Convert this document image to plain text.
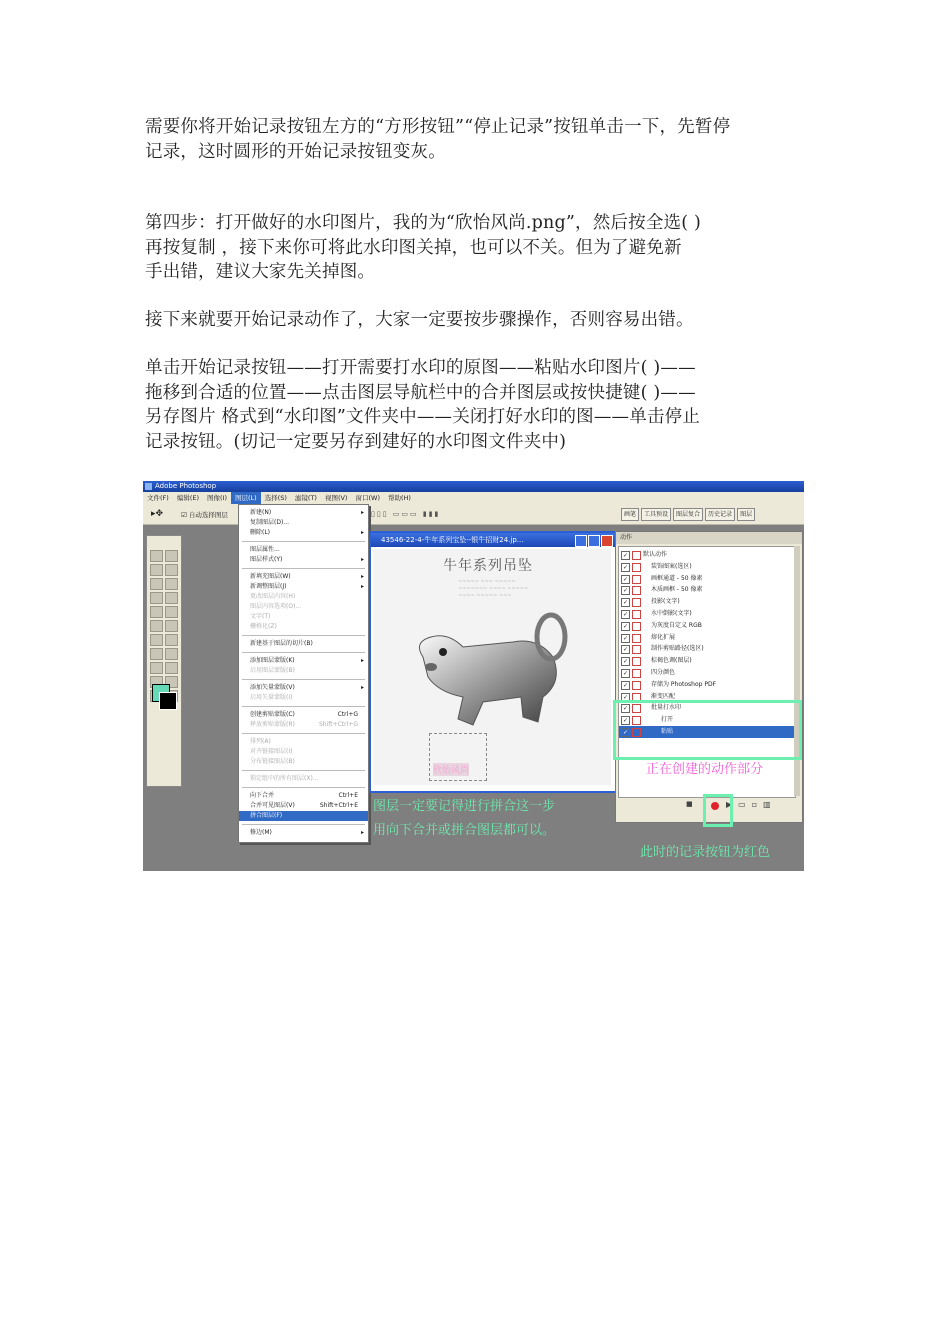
需要你将开始记录按钮左方的“方形按钮”“停止记录”按钮单击一下，先暂停
记录，这时圆形的开始记录按钮变灰。
第四步：打开做好的水印图片，我的为“欣怡风尚.png”，然后按全选( )
再按复制 ，接下来你可将此水印图关掉，也可以不关。但为了避免新
手出错，建议大家先关掉图。
接下来就要开始记录动作了，大家一定要按步骤操作，否则容易出错。
单击开始记录按钮——打开需要打水印的原图——粘贴水印图片( )——
拖移到合适的位置——点击图层导航栏中的合并图层或按快捷键( )——
另存图片 格式到“水印图”文件夹中——关闭打好水印的图——单击停止
记录按钮。(切记一定要另存到建好的水印图文件夹中)
Adobe Photoshop
文件(F) 编辑(E) 图像(I) 图层(L) 选择(S) 滤镜(T) 视图(V) 窗口(W) 帮助(H)
▸✥	☑ 自动选择图层	▯▯▯ ▭▭▭ ▮▮▮	画笔	工具预设	图层复合	历史记录	图层
新建(N)	▸
复制图层(D)...
删除(L)	▸
图层属性...
图层样式(Y)	▸
新填充图层(W)	▸
新调整图层(J)	▸
更改图层内容(H)
图层内容选项(O)...
文字(T)
栅格化(Z)
新建基于图层的切片(B)
添加图层蒙版(K)	▸
启用图层蒙版(B)
添加矢量蒙版(V)	▸
启用矢量蒙版(I)
创建剪贴蒙版(C)	Ctrl+G
释放剪贴蒙版(R)	Shift+Ctrl+G
排列(A)
对齐链接图层(I)
分布链接图层(B)
锁定组中的所有图层(X)...
向下合并	Ctrl+E
合并可见图层(V)	Shift+Ctrl+E
拼合图层(F)
修边(M)	▸
43546-22-4-牛年系列宝坠--银牛招财24.jp...
牛年系列吊坠
~~~~~ ~~~ ~~~~~
~~~~~~~ ~~~~ ~~~~~
~~~~ ~~~~~ ~~~
欣怡风尚
动作
✓	默认动作
✓	装饰图案(选区)
✓	画框通道 - 50 像素
✓	木质画框 - 50 像素
✓	投影(文字)
✓	水中倒影(文字)
✓	为灰度自定义 RGB
✓	熔化扩展
✓	制作剪贴路径(选区)
✓	棕褐色调(图层)
✓	四分颜色
✓	存储为 Photoshop PDF
✓	渐变匹配
✓	批量打水印
✓	打开
✓	粘贴
■	▶▭▫▥
图层一定要记得进行拼合这一步
用向下合并或拼合图层都可以。
正在创建的动作部分
此时的记录按钮为红色
